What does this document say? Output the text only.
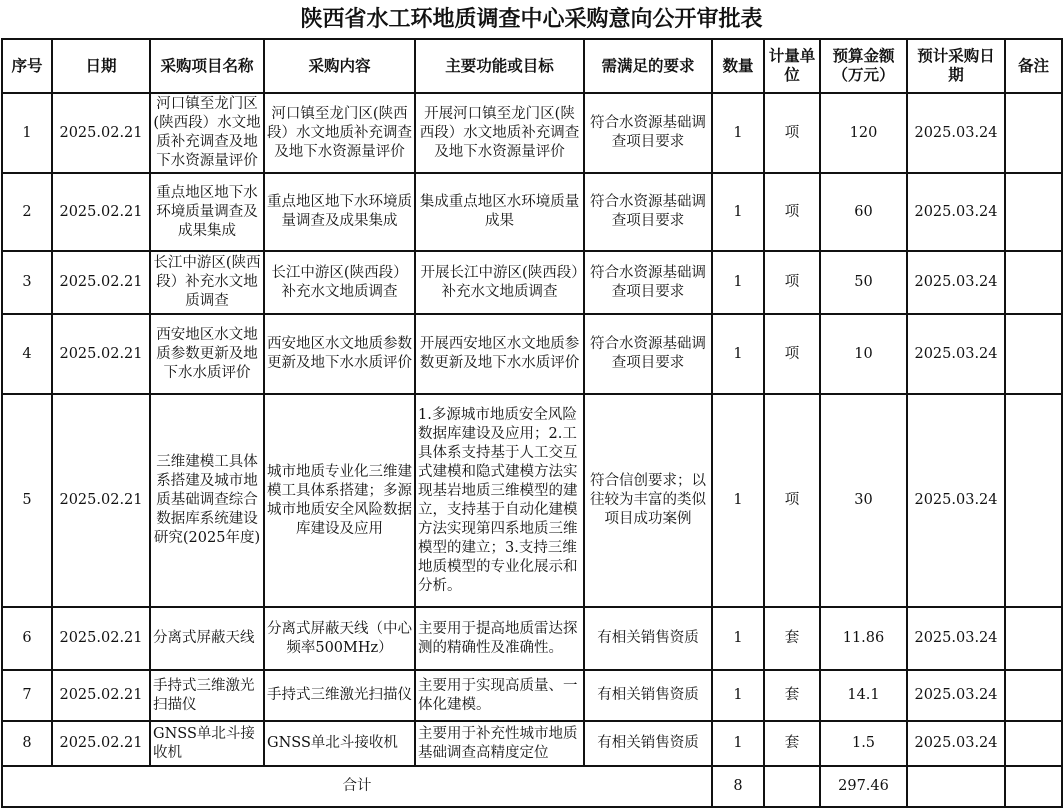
陕西省水工环地质调查中心采购意向公开审批表
序号	日期	采购项目名称	采购内容	主要功能或目标	需满足的要求	数量	计量单位	预算金额（万元）	预计采购日期	备注
1	2025.02.21	河口镇至龙门区(陕西段）水文地质补充调查及地下水资源量评价	河口镇至龙门区(陕西段）水文地质补充调查及地下水资源量评价	开展河口镇至龙门区(陕西段）水文地质补充调查及地下水资源量评价	符合水资源基础调查项目要求	1	项	120	2025.03.24	
2	2025.02.21	重点地区地下水环境质量调查及成果集成	重点地区地下水环境质量调查及成果集成	集成重点地区水环境质量成果	符合水资源基础调查项目要求	1	项	60	2025.03.24	
3	2025.02.21	长江中游区(陕西段）补充水文地质调查	长江中游区(陕西段）补充水文地质调查	开展长江中游区(陕西段）补充水文地质调查	符合水资源基础调查项目要求	1	项	50	2025.03.24	
4	2025.02.21	西安地区水文地质参数更新及地下水水质评价	西安地区水文地质参数更新及地下水水质评价	开展西安地区水文地质参数更新及地下水水质评价	符合水资源基础调查项目要求	1	项	10	2025.03.24	
5	2025.02.21	三维建模工具体系搭建及城市地质基础调查综合数据库系统建设研究(2025年度)	城市地质专业化三维建模工具体系搭建；多源城市地质安全风险数据库建设及应用	1.多源城市地质安全风险数据库建设及应用；2.工具体系支持基于人工交互式建模和隐式建模方法实现基岩地质三维模型的建立，支持基于自动化建模方法实现第四系地质三维模型的建立；3.支持三维地质模型的专业化展示和分析。	符合信创要求；以往较为丰富的类似项目成功案例	1	项	30	2025.03.24	
6	2025.02.21	分离式屏蔽天线	分离式屏蔽天线（中心频率500MHz）	主要用于提高地质雷达探测的精确性及准确性。	有相关销售资质	1	套	11.86	2025.03.24	
7	2025.02.21	手持式三维激光扫描仪	手持式三维激光扫描仪	主要用于实现高质量、一体化建模。	有相关销售资质	1	套	14.1	2025.03.24	
8	2025.02.21	GNSS单北斗接收机	GNSS单北斗接收机	主要用于补充性城市地质基础调查高精度定位	有相关销售资质	1	套	1.5	2025.03.24	
合计						8		297.46		
